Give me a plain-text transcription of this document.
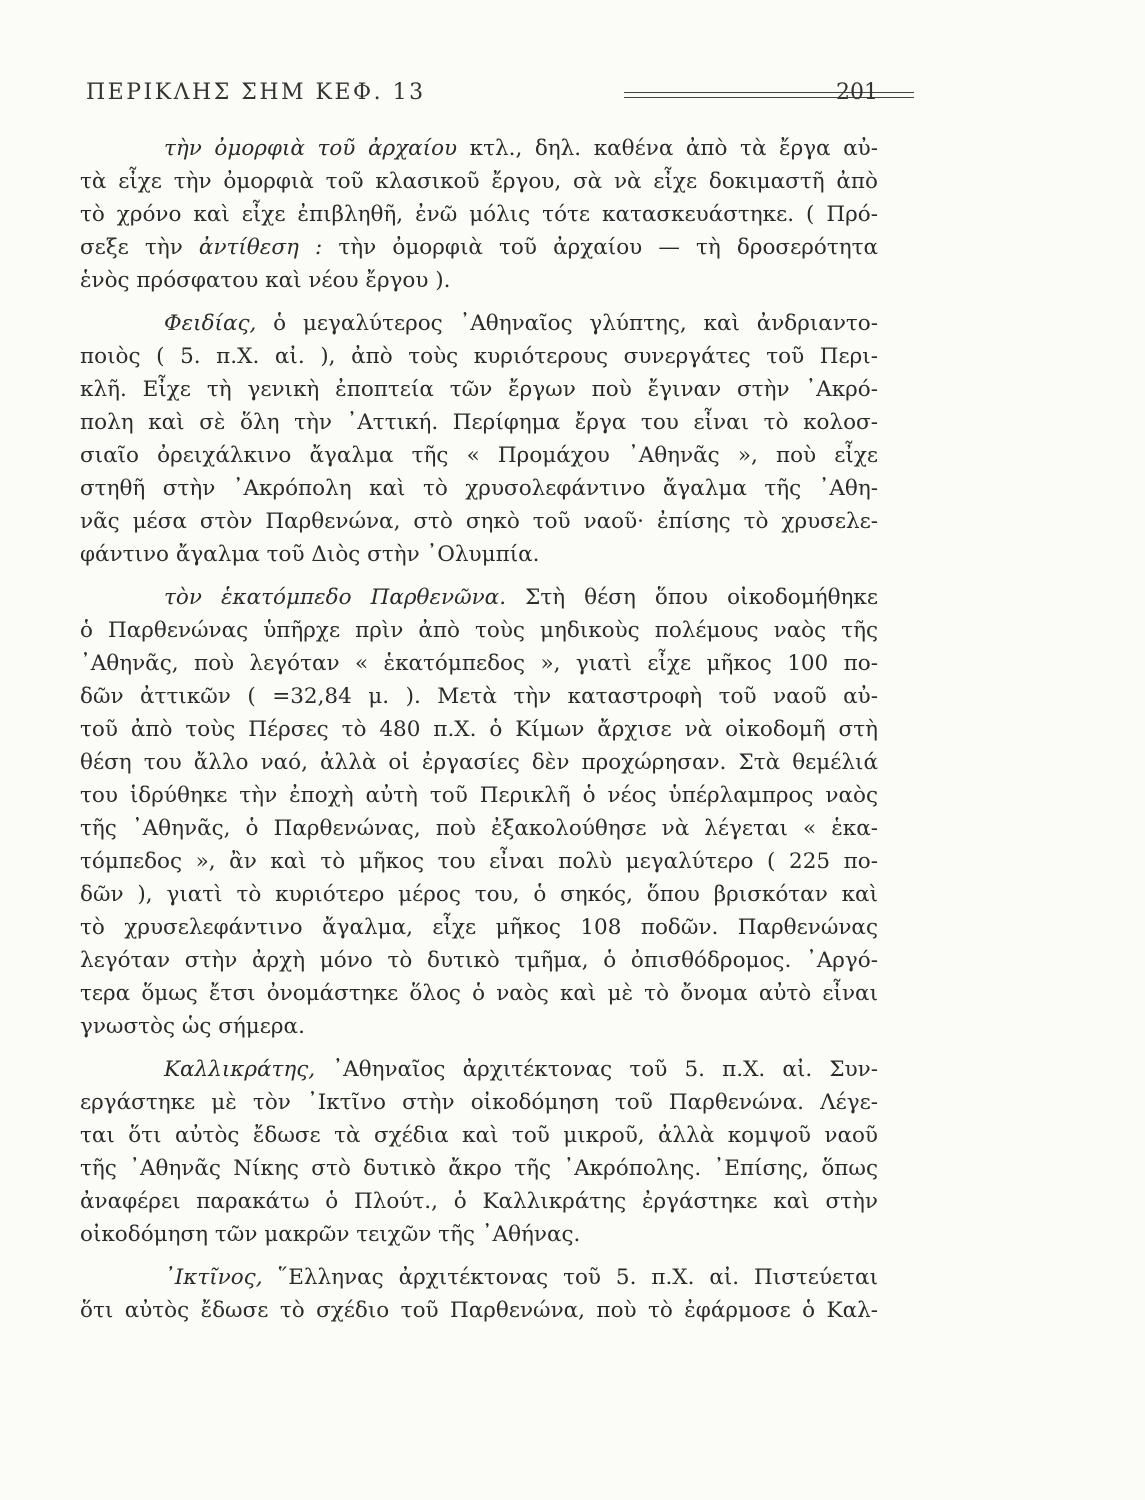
ΠΕΡΙΚΛΗΣ ΣΗΜ ΚΕΦ. 13	201
τὴν ὀμορφιὰ τοῦ ἀρχαίου κτλ., δηλ. καθένα ἀπὸ τὰ ἔργα αὐ-
τὰ εἶχε τὴν ὀμορφιὰ τοῦ κλασικοῦ ἔργου, σὰ νὰ εἶχε δοκιμαστῆ ἀπὸ
τὸ χρόνο καὶ εἶχε ἐπιβληθῆ, ἐνῶ μόλις τότε κατασκευάστηκε. ( Πρό-
σεξε τὴν ἀντίθεση : τὴν ὀμορφιὰ τοῦ ἀρχαίου — τὴ δροσερότητα
ἑνὸς πρόσφατου καὶ νέου ἔργου ).
Φειδίας, ὁ μεγαλύτερος ᾿Αθηναῖος γλύπτης, καὶ ἀνδριαντο-
ποιὸς ( 5. π.Χ. αἰ. ), ἀπὸ τοὺς κυριότερους συνεργάτες τοῦ Περι-
κλῆ. Εἶχε τὴ γενικὴ ἐποπτεία τῶν ἔργων ποὺ ἔγιναν στὴν ᾿Ακρό-
πολη καὶ σὲ ὅλη τὴν ᾿Αττική. Περίφημα ἔργα του εἶναι τὸ κολοσ-
σιαῖο ὀρειχάλκινο ἄγαλμα τῆς « Προμάχου ᾿Αθηνᾶς », ποὺ εἶχε
στηθῆ στὴν ᾿Ακρόπολη καὶ τὸ χρυσολεφάντινο ἄγαλμα τῆς ᾿Αθη-
νᾶς μέσα στὸν Παρθενώνα, στὸ σηκὸ τοῦ ναοῦ· ἐπίσης τὸ χρυσελε-
φάντινο ἄγαλμα τοῦ Διὸς στὴν ᾿Ολυμπία.
τὸν ἑκατόμπεδο Παρθενῶνα. Στὴ θέση ὅπου οἰκοδομήθηκε
ὁ Παρθενώνας ὑπῆρχε πρὶν ἀπὸ τοὺς μηδικοὺς πολέμους ναὸς τῆς
᾿Αθηνᾶς, ποὺ λεγόταν « ἑκατόμπεδος », γιατὶ εἶχε μῆκος 100 πο-
δῶν ἀττικῶν ( =32,84 μ. ). Μετὰ τὴν καταστροφὴ τοῦ ναοῦ αὐ-
τοῦ ἀπὸ τοὺς Πέρσες τὸ 480 π.Χ. ὁ Κίμων ἄρχισε νὰ οἰκοδομῆ στὴ
θέση του ἄλλο ναό, ἀλλὰ οἱ ἐργασίες δὲν προχώρησαν. Στὰ θεμέλιά
του ἱδρύθηκε τὴν ἐποχὴ αὐτὴ τοῦ Περικλῆ ὁ νέος ὑπέρλαμπρος ναὸς
τῆς ᾿Αθηνᾶς, ὁ Παρθενώνας, ποὺ ἐξακολούθησε νὰ λέγεται « ἑκα-
τόμπεδος », ἂν καὶ τὸ μῆκος του εἶναι πολὺ μεγαλύτερο ( 225 πο-
δῶν ), γιατὶ τὸ κυριότερο μέρος του, ὁ σηκός, ὅπου βρισκόταν καὶ
τὸ χρυσελεφάντινο ἄγαλμα, εἶχε μῆκος 108 ποδῶν. Παρθενώνας
λεγόταν στὴν ἀρχὴ μόνο τὸ δυτικὸ τμῆμα, ὁ ὀπισθόδρομος. ᾿Αργό-
τερα ὅμως ἔτσι ὀνομάστηκε ὅλος ὁ ναὸς καὶ μὲ τὸ ὄνομα αὐτὸ εἶναι
γνωστὸς ὡς σήμερα.
Καλλικράτης, ᾿Αθηναῖος ἀρχιτέκτονας τοῦ 5. π.Χ. αἰ. Συν-
εργάστηκε μὲ τὸν ᾿Ικτῖνο στὴν οἰκοδόμηση τοῦ Παρθενώνα. Λέγε-
ται ὅτι αὐτὸς ἔδωσε τὰ σχέδια καὶ τοῦ μικροῦ, ἀλλὰ κομψοῦ ναοῦ
τῆς ᾿Αθηνᾶς Νίκης στὸ δυτικὸ ἄκρο τῆς ᾿Ακρόπολης. ᾿Επίσης, ὅπως
ἀναφέρει παρακάτω ὁ Πλούτ., ὁ Καλλικράτης ἐργάστηκε καὶ στὴν
οἰκοδόμηση τῶν μακρῶν τειχῶν τῆς ᾿Αθήνας.
᾿Ικτῖνος, ῞Ελληνας ἀρχιτέκτονας τοῦ 5. π.Χ. αἰ. Πιστεύεται
ὅτι αὐτὸς ἔδωσε τὸ σχέδιο τοῦ Παρθενώνα, ποὺ τὸ ἐφάρμοσε ὁ Καλ-
